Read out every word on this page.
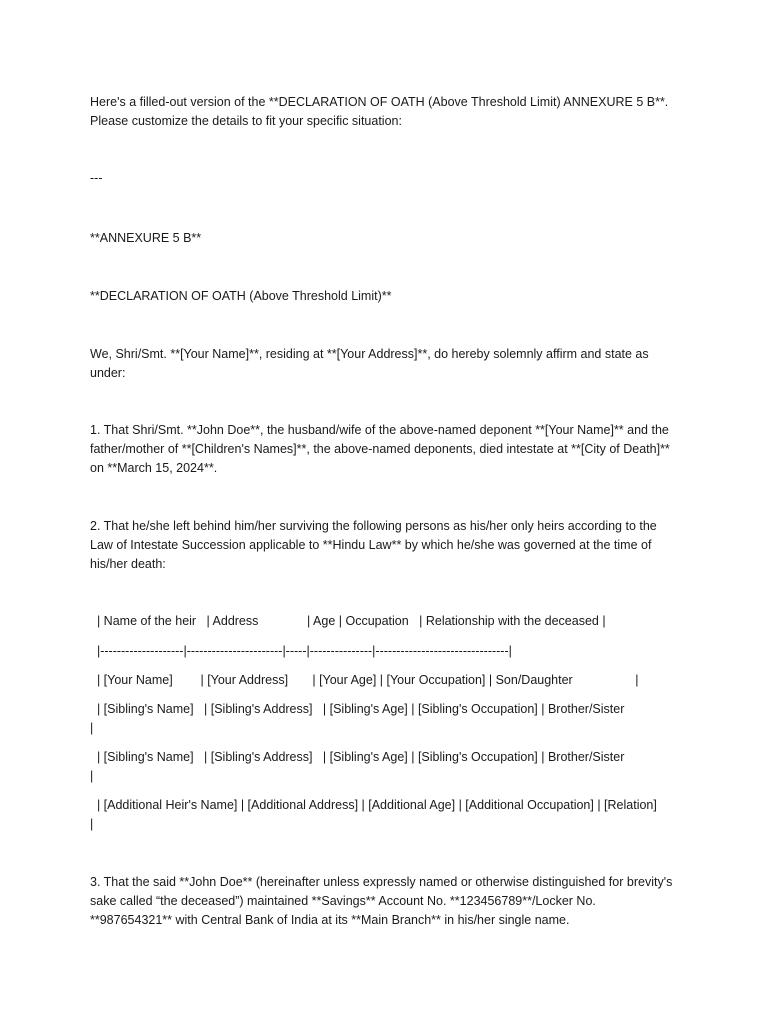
Here's a filled-out version of the **DECLARATION OF OATH (Above Threshold Limit) ANNEXURE 5 B**. Please customize the details to fit your specific situation:

---

**ANNEXURE 5 B**

**DECLARATION OF OATH (Above Threshold Limit)**

We, Shri/Smt. **[Your Name]**, residing at **[Your Address]**, do hereby solemnly affirm and state as under:

1. That Shri/Smt. **John Doe**, the husband/wife of the above-named deponent **[Your Name]** and the father/mother of **[Children's Names]**, the above-named deponents, died intestate at **[City of Death]** on **March 15, 2024**.

2. That he/she left behind him/her surviving the following persons as his/her only heirs according to the Law of Intestate Succession applicable to **Hindu Law** by which he/she was governed at the time of his/her death:

| Name of the heir   | Address              | Age | Occupation   | Relationship with the deceased |

|--------------------|-----------------------|-----|---------------|--------------------------------|

| [Your Name]        | [Your Address]       | [Your Age] | [Your Occupation] | Son/Daughter                  |

| [Sibling's Name]   | [Sibling's Address]   | [Sibling's Age] | [Sibling's Occupation] | Brother/Sister
|

| [Sibling's Name]   | [Sibling's Address]   | [Sibling's Age] | [Sibling's Occupation] | Brother/Sister
|

| [Additional Heir's Name] | [Additional Address] | [Additional Age] | [Additional Occupation] | [Relation]                   |

3. That the said **John Doe** (hereinafter unless expressly named or otherwise distinguished for brevity's sake called “the deceased”) maintained **Savings** Account No. **123456789**/Locker No. **987654321** with Central Bank of India at its **Main Branch** in his/her single name.
